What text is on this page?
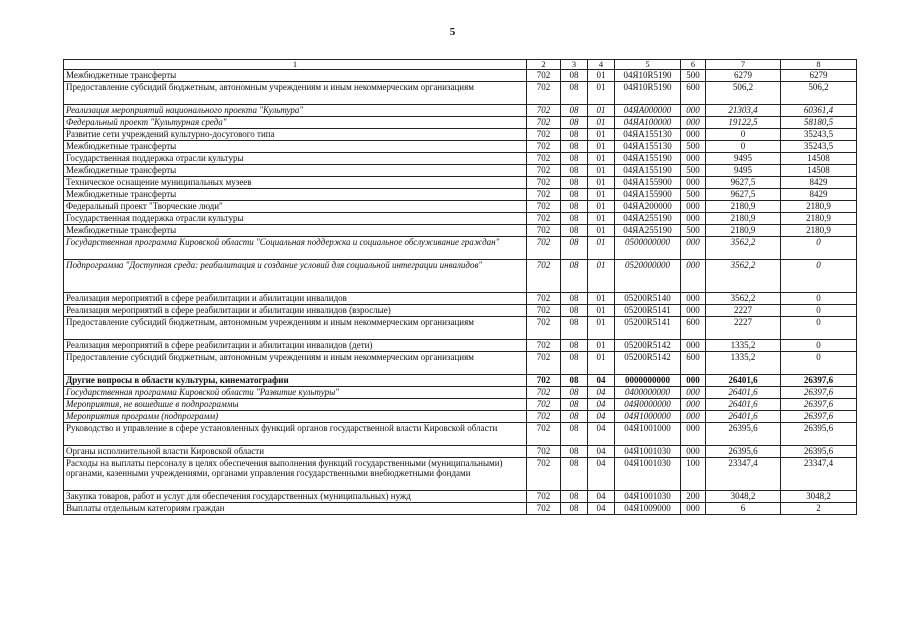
5
1	2	3	4	5	6	7	8
Межбюджетные трансферты	702	08	01	04Я10R5190	500	6279	6279
Предоставление субсидий бюджетным, автономным учреждениям и иным некоммерческим организациям	702	08	01	04Я10R5190	600	506,2	506,2
Реализация мероприятий национального проекта "Культура"	702	08	01	04ЯА000000	000	21303,4	60361,4
Федеральный проект "Культурная среда"	702	08	01	04ЯА100000	000	19122,5	58180,5
Развитие сети учреждений культурно-досугового типа	702	08	01	04ЯА155130	000	0	35243,5
Межбюджетные трансферты	702	08	01	04ЯА155130	500	0	35243,5
Государственная поддержка отрасли культуры	702	08	01	04ЯА155190	000	9495	14508
Межбюджетные трансферты	702	08	01	04ЯА155190	500	9495	14508
Техническое оснащение муниципальных музеев	702	08	01	04ЯА155900	000	9627,5	8429
Межбюджетные трансферты	702	08	01	04ЯА155900	500	9627,5	8429
Федеральный проект "Творческие люди"	702	08	01	04ЯА200000	000	2180,9	2180,9
Государственная поддержка отрасли культуры	702	08	01	04ЯА255190	000	2180,9	2180,9
Межбюджетные трансферты	702	08	01	04ЯА255190	500	2180,9	2180,9
Государственная программа Кировской области "Социальная поддержка и социальное обслуживание граждан"	702	08	01	0500000000	000	3562,2	0
Подпрограмма "Доступная среда: реабилитация и создание условий для социальной интеграции инвалидов"	702	08	01	0520000000	000	3562,2	0
Реализация мероприятий в сфере реабилитации и абилитации инвалидов	702	08	01	05200R5140	000	3562,2	0
Реализация мероприятий в сфере реабилитации и абилитации инвалидов (взрослые)	702	08	01	05200R5141	000	2227	0
Предоставление субсидий бюджетным, автономным учреждениям и иным некоммерческим организациям	702	08	01	05200R5141	600	2227	0
Реализация мероприятий в сфере реабилитации и абилитации инвалидов (дети)	702	08	01	05200R5142	000	1335,2	0
Предоставление субсидий бюджетным, автономным учреждениям и иным некоммерческим организациям	702	08	01	05200R5142	600	1335,2	0
Другие вопросы в области культуры, кинематографии	702	08	04	0000000000	000	26401,6	26397,6
Государственная программа Кировской области "Развитие культуры"	702	08	04	0400000000	000	26401,6	26397,6
Мероприятия, не вошедшие в подпрограммы	702	08	04	04Я0000000	000	26401,6	26397,6
Мероприятия программ (подпрограмм)	702	08	04	04Я1000000	000	26401,6	26397,6
Руководство и управление в сфере установленных функций органов государственной власти Кировской области	702	08	04	04Я1001000	000	26395,6	26395,6
Органы исполнительной власти Кировской области	702	08	04	04Я1001030	000	26395,6	26395,6
Расходы на выплаты персоналу в целях обеспечения выполнения функций государственными (муниципальными) органами, казенными учреждениями, органами управления государственными внебюджетными фондами	702	08	04	04Я1001030	100	23347,4	23347,4
Закупка товаров, работ и услуг для обеспечения государственных (муниципальных) нужд	702	08	04	04Я1001030	200	3048,2	3048,2
Выплаты отдельным категориям граждан	702	08	04	04Я1009000	000	6	2
